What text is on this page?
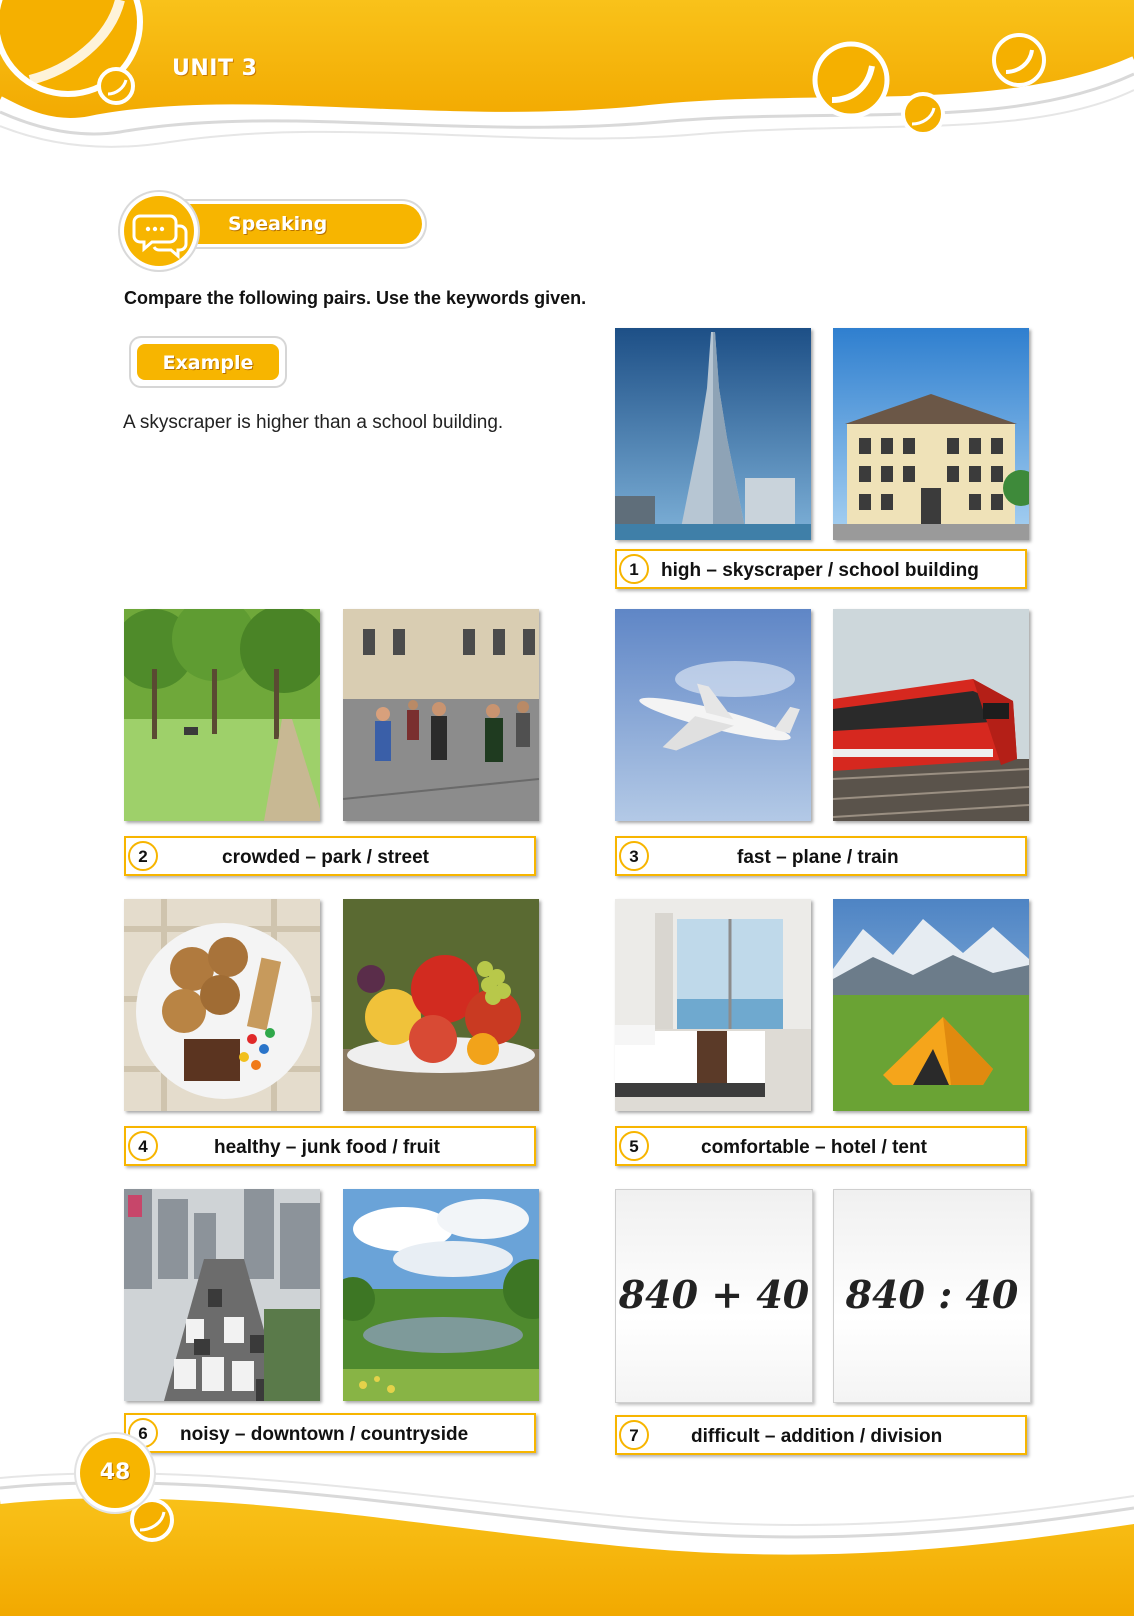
UNIT 3
Speaking
Compare the following pairs. Use the keywords given.
Example
A skyscraper is higher than a school building.
1	high – skyscraper / school building
2	crowded – park / street	3	fast – plane / train
4	healthy – junk food / fruit	5	comfortable – hotel / tent
6	noisy – downtown / countryside
840 + 40 840 : 40
7	difficult – addition / division
48
